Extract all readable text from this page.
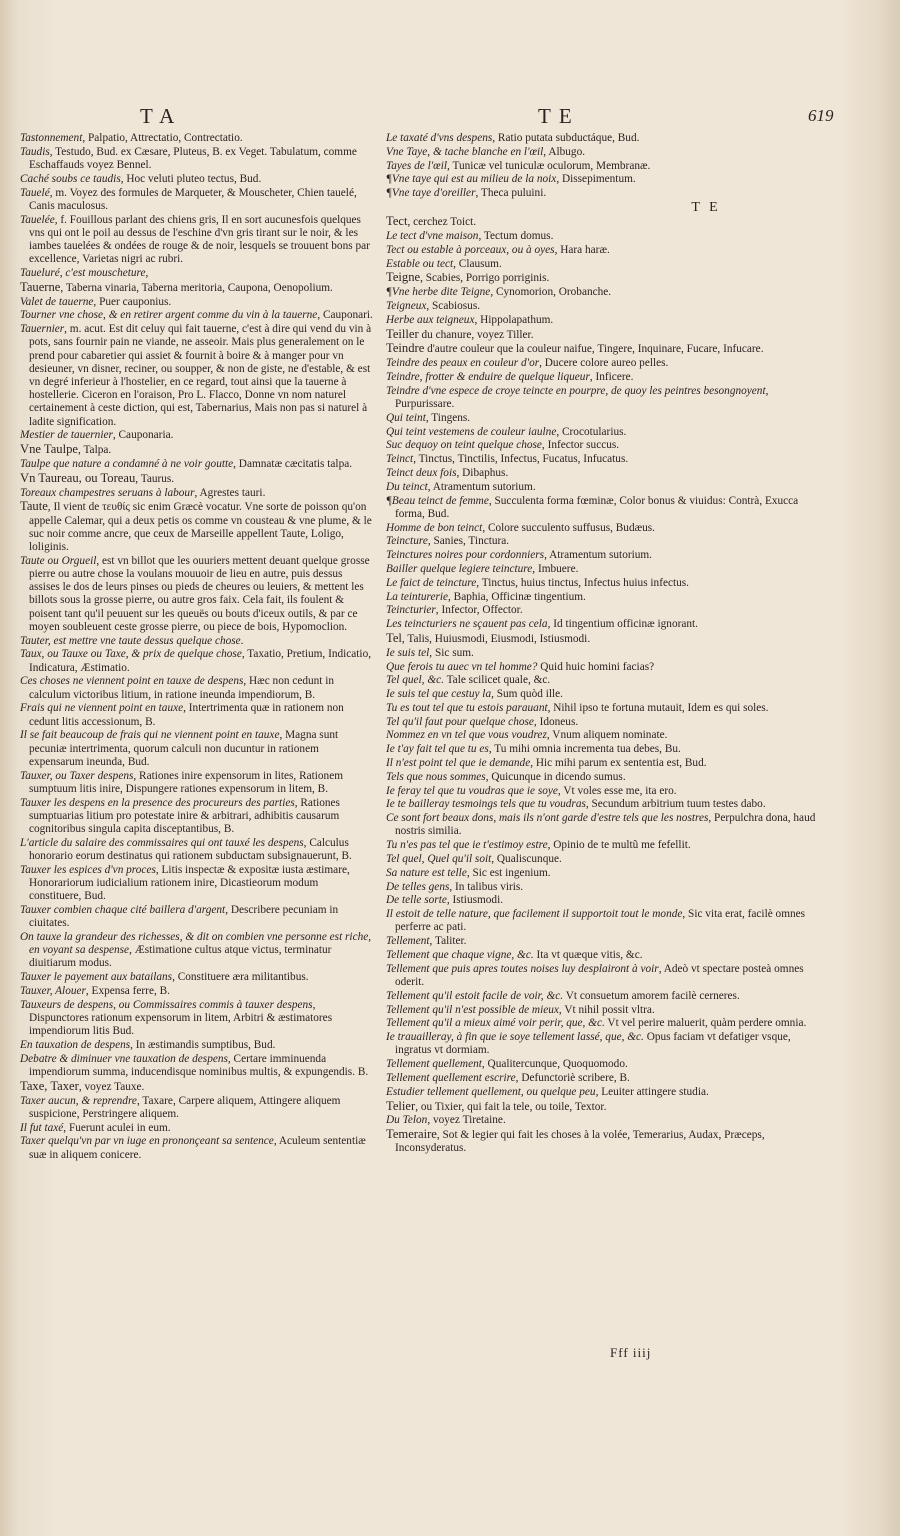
TA	TE	619
Tastonnement, Palpatio, Attrectatio, Contrectatio.
Taudis, Testudo, Bud. ex Cæsare, Pluteus, B. ex Veget. Tabulatum, comme Eschaffauds voyez Bennel.
Caché soubs ce taudis, Hoc veluti pluteo tectus, Bud.
Tauelé, m. Voyez des formules de Marqueter, & Mouscheter, Chien tauelé, Canis maculosus.
Tauelée, f. Fouillous parlant des chiens gris, Il en sort aucunesfois quelques vns qui ont le poil au dessus de l'eschine d'vn gris tirant sur le noir, & les iambes tauelées & ondées de rouge & de noir, lesquels se trouuent bons par excellence, Varietas nigri ac rubri.
Taueluré, c'est mouscheture,
Tauerne, Taberna vinaria, Taberna meritoria, Caupona, Oenopolium.
Valet de tauerne, Puer cauponius.
Tourner vne chose, & en retirer argent comme du vin à la tauerne, Cauponari.
Tauernier, m. acut. Est dit celuy qui fait tauerne, c'est à dire qui vend du vin à pots, sans fournir pain ne viande, ne asseoir. Mais plus generalement on le prend pour cabaretier qui assiet & fournit à boire & à manger pour vn desieuner, vn disner, reciner, ou soupper, & non de giste, ne d'estable, & est vn degré inferieur à l'hostelier, en ce regard, tout ainsi que la tauerne à hostellerie. Ciceron en l'oraison, Pro L. Flacco, Donne vn nom naturel certainement à ceste diction, qui est, Tabernarius, Mais non pas si naturel à ladite signification.
Mestier de tauernier, Cauponaria.
Vne Taulpe, Talpa.
Taulpe que nature a condamné à ne voir goutte, Damnatæ cæcitatis talpa.
Vn Taureau, ou Toreau, Taurus.
Toreaux champestres seruans à labour, Agrestes tauri.
Taute, Il vient de τευθίς sic enim Græcè vocatur. Vne sorte de poisson qu'on appelle Calemar, qui a deux petis os comme vn cousteau & vne plume, & le suc noir comme ancre, que ceux de Marseille appellent Taute, Loligo, loliginis.
Taute ou Orgueil, est vn billot que les ouuriers mettent deuant quelque grosse pierre ou autre chose la voulans mouuoir de lieu en autre, puis dessus assises le dos de leurs pinses ou pieds de cheures ou leuiers, & mettent les billots sous la grosse pierre, ou autre gros faix. Cela fait, ils foulent & poisent tant qu'il peuuent sur les queuës ou bouts d'iceux outils, & par ce moyen soubleuent ceste grosse pierre, ou piece de bois, Hypomoclion.
Tauter, est mettre vne taute dessus quelque chose.
Taux, ou Tauxe ou Taxe, & prix de quelque chose, Taxatio, Pretium, Indicatio, Indicatura, Æstimatio.
Ces choses ne viennent point en tauxe de despens, Hæc non cedunt in calculum victoribus litium, in ratione ineunda impendiorum, B.
Frais qui ne viennent point en tauxe, Intertrimenta quæ in rationem non cedunt litis accessionum, B.
Il se fait beaucoup de frais qui ne viennent point en tauxe, Magna sunt pecuniæ intertrimenta, quorum calculi non ducuntur in rationem expensarum ineunda, Bud.
Tauxer, ou Taxer despens, Rationes inire expensorum in lites, Rationem sumptuum litis inire, Dispungere rationes expensorum in litem, B.
Tauxer les despens en la presence des procureurs des parties, Rationes sumptuarias litium pro potestate inire & arbitrari, adhibitis causarum cognitoribus singula capita disceptantibus, B.
L'article du salaire des commissaires qui ont tauxé les despens, Calculus honorario eorum destinatus qui rationem subductam subsignauerunt, B.
Tauxer les espices d'vn proces, Litis inspectæ & expositæ iusta æstimare, Honorariorum iudicialium rationem inire, Dicastieorum modum constituere, Bud.
Tauxer combien chaque cité baillera d'argent, Describere pecuniam in ciuitates.
On tauxe la grandeur des richesses, & dit on combien vne personne est riche, en voyant sa despense, Æstimatione cultus atque victus, terminatur diuitiarum modus.
Tauxer le payement aux batailans, Constituere æra militantibus.
Tauxer, Alouer, Expensa ferre, B.
Tauxeurs de despens, ou Commissaires commis à tauxer despens, Dispunctores rationum expensorum in litem, Arbitri & æstimatores impendiorum litis Bud.
En tauxation de despens, In æstimandis sumptibus, Bud.
Debatre & diminuer vne tauxation de despens, Certare imminuenda impendiorum summa, inducendisque nominibus multis, & expungendis. B.
Taxe, Taxer, voyez Tauxe.
Taxer aucun, & reprendre, Taxare, Carpere aliquem, Attingere aliquem suspicione, Perstringere aliquem.
Il fut taxé, Fuerunt aculei in eum.
Taxer quelqu'vn par vn iuge en prononçeant sa sentence, Aculeum sententiæ suæ in aliquem conicere.
Le taxaté d'vns despens, Ratio putata subductáque, Bud.
Vne Taye, & tache blanche en l'œil, Albugo.
Tayes de l'œil, Tunicæ vel tuniculæ oculorum, Membranæ.
¶Vne taye qui est au milieu de la noix, Dissepimentum.
¶Vne taye d'oreiller, Theca puluini.
T E
Tect, cerchez Toict.
Le tect d'vne maison, Tectum domus.
Tect ou estable à porceaux, ou à oyes, Hara haræ.
Estable ou tect, Clausum.
Teigne, Scabies, Porrigo porriginis.
¶Vne herbe dite Teigne, Cynomorion, Orobanche.
Teigneux, Scabiosus.
Herbe aux teigneux, Hippolapathum.
Teiller du chanure, voyez Tiller.
Teindre d'autre couleur que la couleur naifue, Tingere, Inquinare, Fucare, Infucare.
Teindre des peaux en couleur d'or, Ducere colore aureo pelles.
Teindre, frotter & enduire de quelque liqueur, Inficere.
Teindre d'vne espece de croye teincte en pourpre, de quoy les peintres besongnoyent, Purpurissare.
Qui teint, Tingens.
Qui teint vestemens de couleur iaulne, Crocotularius.
Suc dequoy on teint quelque chose, Infector succus.
Teinct, Tinctus, Tinctilis, Infectus, Fucatus, Infucatus.
Teinct deux fois, Dibaphus.
Du teinct, Atramentum sutorium.
¶Beau teinct de femme, Succulenta forma fœminæ, Color bonus & viuidus: Contrà, Exucca forma, Bud.
Homme de bon teinct, Colore succulento suffusus, Budæus.
Teincture, Sanies, Tinctura.
Teinctures noires pour cordonniers, Atramentum sutorium.
Bailler quelque legiere teincture, Imbuere.
Le faict de teincture, Tinctus, huius tinctus, Infectus huius infectus.
La teinturerie, Baphia, Officinæ tingentium.
Teincturier, Infector, Offector.
Les teincturiers ne sçauent pas cela, Id tingentium officinæ ignorant.
Tel, Talis, Huiusmodi, Eiusmodi, Istiusmodi.
Ie suis tel, Sic sum.
Que ferois tu auec vn tel homme? Quid huic homini facias?
Tel quel, &c. Tale scilicet quale, &c.
Ie suis tel que cestuy la, Sum quòd ille.
Tu es tout tel que tu estois parauant, Nihil ipso te fortuna mutauit, Idem es qui soles.
Tel qu'il faut pour quelque chose, Idoneus.
Nommez en vn tel que vous voudrez, Vnum aliquem nominate.
Ie t'ay fait tel que tu es, Tu mihi omnia incrementa tua debes, Bu.
Il n'est point tel que ie demande, Hic mihi parum ex sententia est, Bud.
Tels que nous sommes, Quicunque in dicendo sumus.
Ie feray tel que tu voudras que ie soye, Vt voles esse me, ita ero.
Ie te bailleray tesmoings tels que tu voudras, Secundum arbitrium tuum testes dabo.
Ce sont fort beaux dons, mais ils n'ont garde d'estre tels que les nostres, Perpulchra dona, haud nostris similia.
Tu n'es pas tel que ie t'estimoy estre, Opinio de te multũ me fefellit.
Tel quel, Quel qu'il soit, Qualiscunque.
Sa nature est telle, Sic est ingenium.
De telles gens, In talibus viris.
De telle sorte, Istiusmodi.
Il estoit de telle nature, que facilement il supportoit tout le monde, Sic vita erat, facilè omnes perferre ac pati.
Tellement, Taliter.
Tellement que chaque vigne, &c. Ita vt quæque vitis, &c.
Tellement que puis apres toutes noises luy desplairont à voir, Adeò vt spectare posteà omnes oderit.
Tellement qu'il estoit facile de voir, &c. Vt consuetum amorem facilè cerneres.
Tellement qu'il n'est possible de mieux, Vt nihil possit vltra.
Tellement qu'il a mieux aimé voir perir, que, &c. Vt vel perire maluerit, quàm perdere omnia.
Ie trauailleray, à fin que ie soye tellement lassé, que, &c. Opus faciam vt defatiger vsque, ingratus vt dormiam.
Tellement quellement, Qualitercunque, Quoquomodo.
Tellement quellement escrire, Defunctoriè scribere, B.
Estudier tellement quellement, ou quelque peu, Leuiter attingere studia.
Telier, ou Tixier, qui fait la tele, ou toile, Textor.
Du Telon, voyez Tiretaine.
Temeraire, Sot & legier qui fait les choses à la volée, Temerarius, Audax, Præceps, Inconsyderatus.
Fff iiij
